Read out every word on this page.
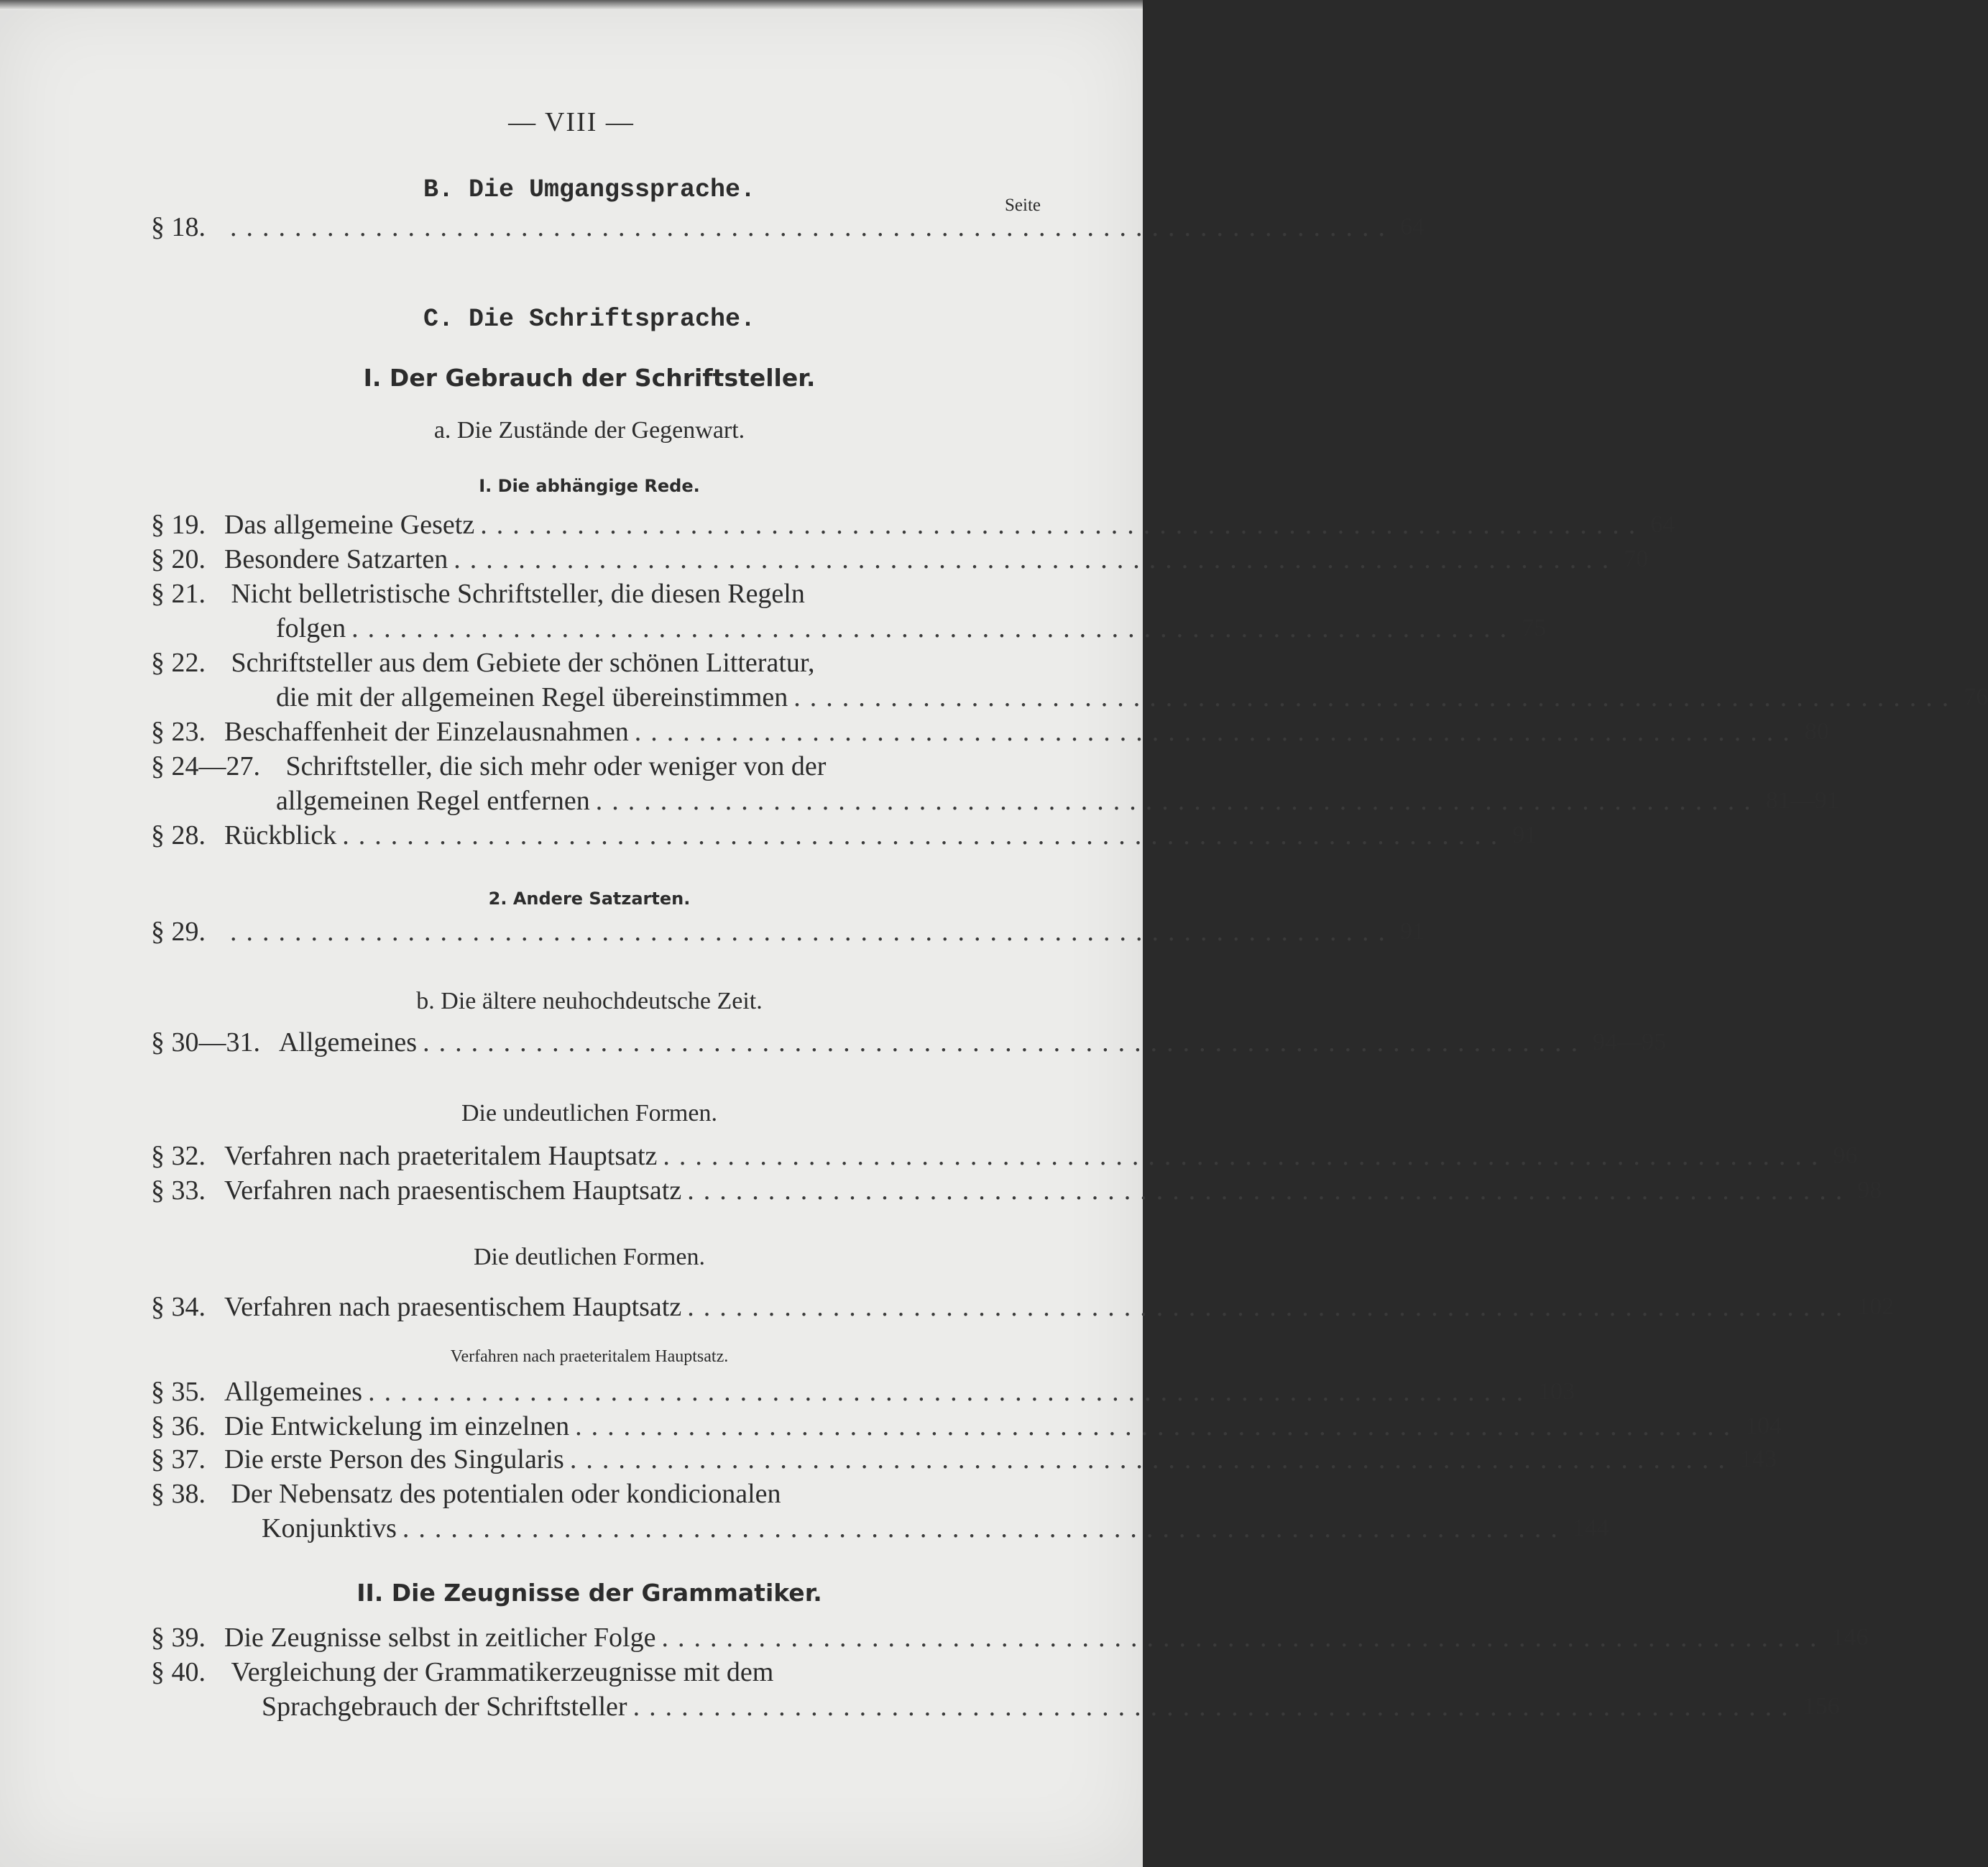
— VIII —
B. Die Umgangssprache.
Seite
§ 18. ........................................................................ 64
C. Die Schriftsprache.
I. Der Gebrauch der Schriftsteller.
a. Die Zustände der Gegenwart.
I. Die abhängige Rede.
§ 19. Das allgemeine Gesetz ........................................................................ 64
§ 20. Besondere Satzarten ........................................................................ 70
§ 21. Nicht belletristische Schriftsteller, die diesen Regeln
folgen ........................................................................ 75
§ 22. Schriftsteller aus dem Gebiete der schönen Litteratur,
die mit der allgemeinen Regel übereinstimmen ........................................................................ 76
§ 23. Beschaffenheit der Einzelausnahmen ........................................................................ 80
§ 24—27. Schriftsteller, die sich mehr oder weniger von der
allgemeinen Regel entfernen ........................................................................ 81—91
§ 28. Rückblick ........................................................................ 91
2. Andere Satzarten.
§ 29. ........................................................................ 91
b. Die ältere neuhochdeutsche Zeit.
§ 30—31. Allgemeines ........................................................................ 94—95
Die undeutlichen Formen.
§ 32. Verfahren nach praeteritalem Hauptsatz ........................................................................ 96
§ 33. Verfahren nach praesentischem Hauptsatz ........................................................................ 98
Die deutlichen Formen.
§ 34. Verfahren nach praesentischem Hauptsatz ........................................................................ 102
Verfahren nach praeteritalem Hauptsatz.
§ 35. Allgemeines ........................................................................ 103
§ 36. Die Entwickelung im einzelnen ........................................................................ 104
§ 37. Die erste Person des Singularis ........................................................................ 143
§ 38. Der Nebensatz des potentialen oder kondicionalen
Konjunktivs ........................................................................ 144
II. Die Zeugnisse der Grammatiker.
§ 39. Die Zeugnisse selbst in zeitlicher Folge ........................................................................ 146
§ 40. Vergleichung der Grammatikerzeugnisse mit dem
Sprachgebrauch der Schriftsteller ........................................................................ 156
